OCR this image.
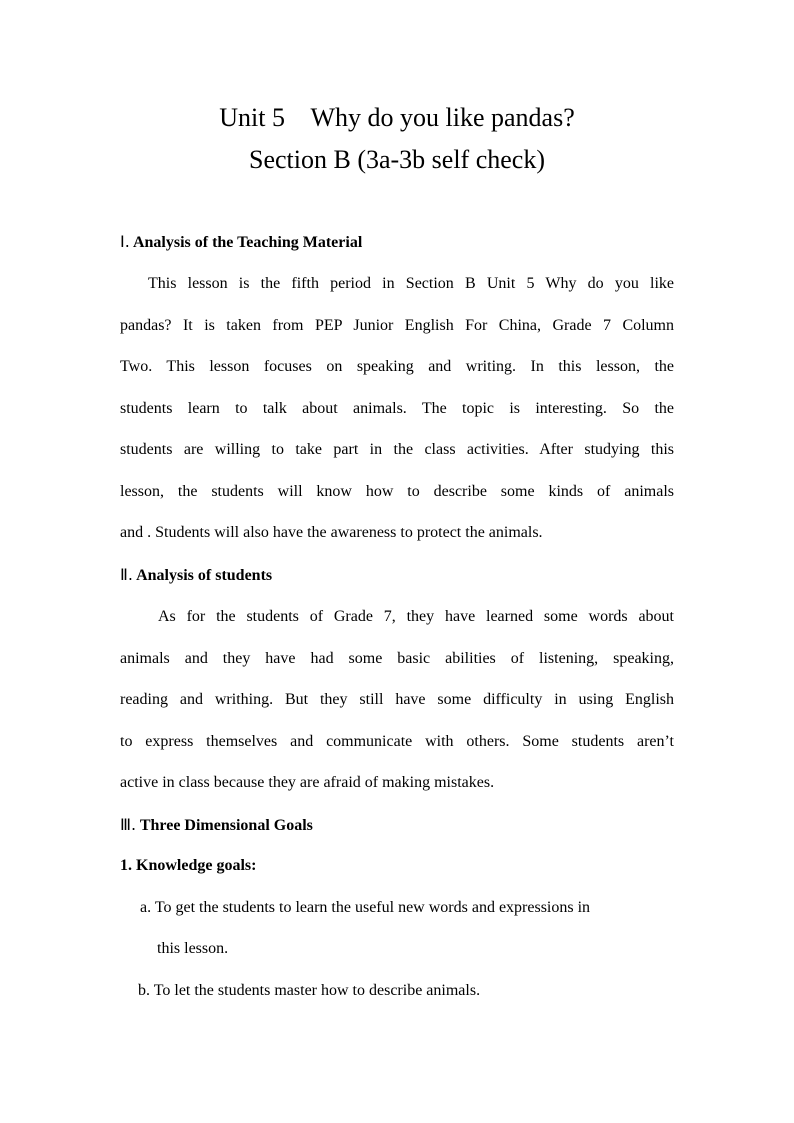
Unit 5    Why do you like pandas?
Section B (3a-3b self check)
Ⅰ. Analysis of the Teaching Material
This lesson is the fifth period in Section B Unit 5 Why do you like
pandas? It is taken from PEP Junior English For China, Grade 7 Column
Two. This lesson focuses on speaking and writing. In this lesson, the
students learn to talk about animals. The topic is interesting. So the
students are willing to take part in the class activities. After studying this
lesson, the students will know how to describe some kinds of animals
and . Students will also have the awareness to protect the animals.
Ⅱ. Analysis of students
As for the students of Grade 7, they have learned some words about
animals and they have had some basic abilities of listening, speaking,
reading and writhing. But they still have some difficulty in using English
to express themselves and communicate with others. Some students aren’t
active in class because they are afraid of making mistakes.
Ⅲ. Three Dimensional Goals
1. Knowledge goals:
a. To get the students to learn the useful new words and expressions in
this lesson.
b. To let the students master how to describe animals.
